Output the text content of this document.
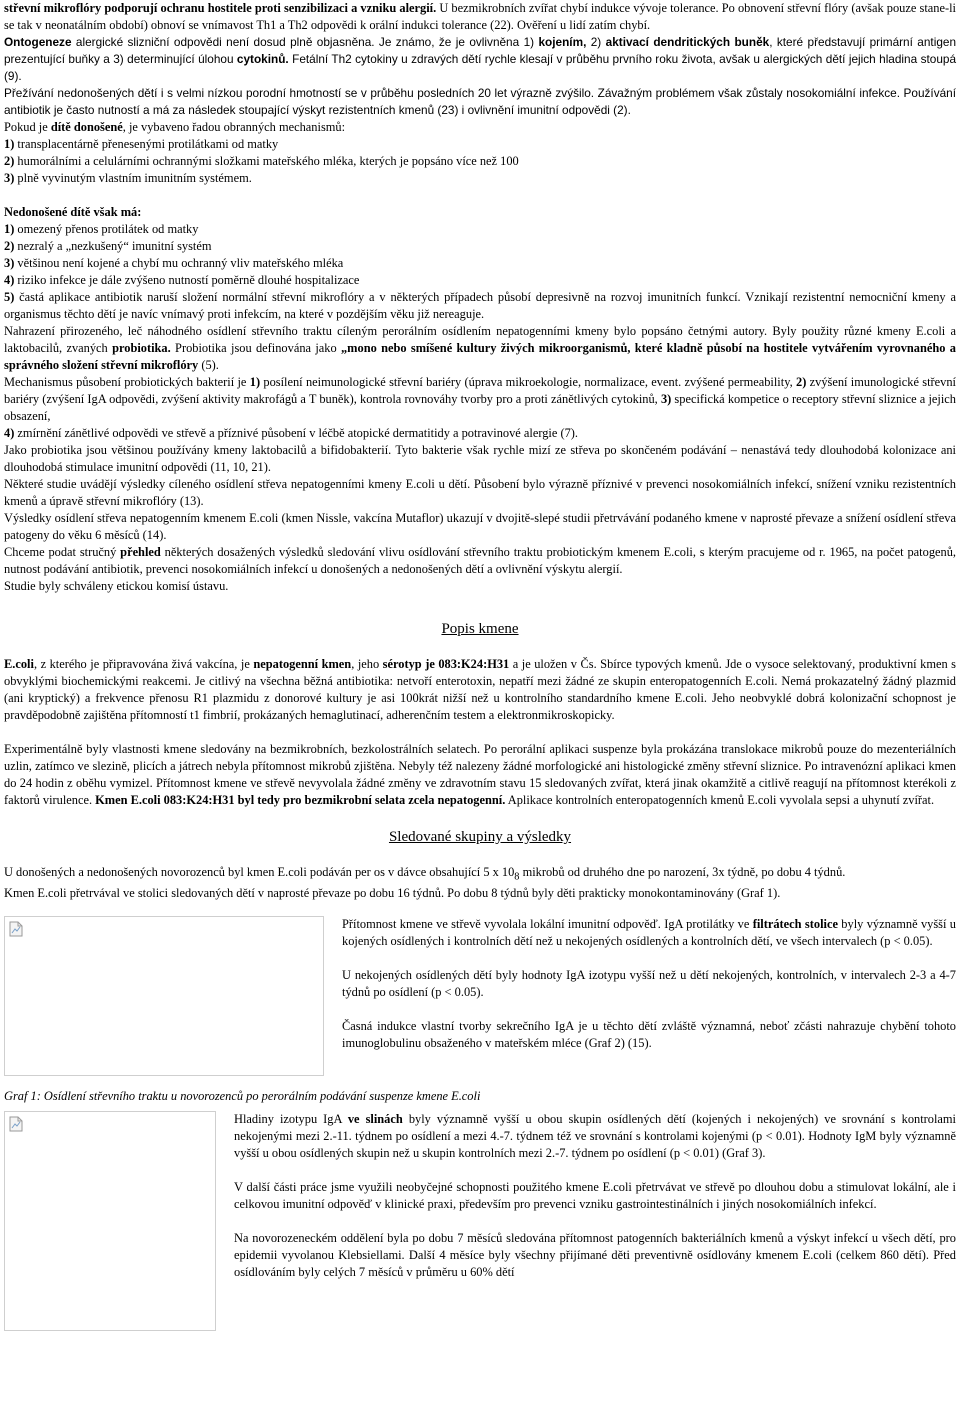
střevní mikroflóry podporují ochranu hostitele proti senzibilizaci a vzniku alergií. U bezmikrobních zvířat chybí indukce vývoje tolerance. Po obnovení střevní flóry (avšak pouze stane-li se tak v neonatálním období) obnoví se vnímavost Th1 a Th2 odpovědi k orální indukci tolerance (22). Ověření u lidí zatím chybí.

Ontogeneze alergické slizniční odpovědi není dosud plně objasněna. Je známo, že je ovlivněna 1) kojením, 2) aktivací dendritických buněk, které představují primární antigen prezentující buňky a 3) determinující úlohou cytokinů. Fetální Th2 cytokiny u zdravých dětí rychle klesají v průběhu prvního roku života, avšak u alergických dětí jejich hladina stoupá (9).

Přežívání nedonošených dětí i s velmi nízkou porodní hmotností se v průběhu posledních 20 let výrazně zvýšilo. Závažným problémem však zůstaly nosokomiální infekce. Používání antibiotik je často nutností a má za následek stoupající výskyt rezistentních kmenů (23) i ovlivnění imunitní odpovědi (2).

Pokud je dítě donošené, je vybaveno řadou obranných mechanismů:

1) transplacentárně přenesenými protilátkami od matky

2) humorálními a celulárními ochrannými složkami mateřského mléka, kterých je popsáno více než 100

3) plně vyvinutým vlastním imunitním systémem.

Nedonošené dítě však má:

1) omezený přenos protilátek od matky

2) nezralý a „nezkušený“ imunitní systém

3) většinou není kojené a chybí mu ochranný vliv mateřského mléka

4) riziko infekce je dále zvýšeno nutností poměrně dlouhé hospitalizace

5) častá aplikace antibiotik naruší složení normální střevní mikroflóry a v některých případech působí depresivně na rozvoj imunitních funkcí. Vznikají rezistentní nemocniční kmeny a organismus těchto dětí je navíc vnímavý proti infekcím, na které v pozdějším věku již nereaguje.

Nahrazení přirozeného, leč náhodného osídlení střevního traktu cíleným perorálním osídlením nepatogenními kmeny bylo popsáno četnými autory. Byly použity různé kmeny E.coli a laktobacilů, zvaných probiotika. Probiotika jsou definována jako „mono nebo smíšené kultury živých mikroorganismů, které kladně působí na hostitele vytvářením vyrovnaného a správného složení střevní mikroflóry (5).

Mechanismus působení probiotických bakterií je 1) posílení neimunologické střevní bariéry (úprava mikroekologie, normalizace, event. zvýšené permeability, 2) zvýšení imunologické střevní bariéry (zvýšení IgA odpovědi, zvýšení aktivity makrofágů a T buněk), kontrola rovnováhy tvorby pro a proti zánětlivých cytokinů, 3) specifická kompetice o receptory střevní sliznice a jejich obsazení,

4) zmírnění zánětlivé odpovědi ve střevě a příznivé působení v léčbě atopické dermatitidy a potravinové alergie (7).

Jako probiotika jsou většinou používány kmeny laktobacilů a bifidobakterií. Tyto bakterie však rychle mizí ze střeva po skončeném podávání – nenastává tedy dlouhodobá kolonizace ani dlouhodobá stimulace imunitní odpovědi (11, 10, 21).

Některé studie uvádějí výsledky cíleného osídlení střeva nepatogenními kmeny E.coli u dětí. Působení bylo výrazně příznivé v prevenci nosokomiálních infekcí, snížení vzniku rezistentních kmenů a úpravě střevní mikroflóry (13).

Výsledky osídlení střeva nepatogenním kmenem E.coli (kmen Nissle, vakcína Mutaflor) ukazují v dvojitě-slepé studii přetrvávání podaného kmene v naprosté převaze a snížení osídlení střeva patogeny do věku 6 měsíců (14).

Chceme podat stručný přehled některých dosažených výsledků sledování vlivu osídlování střevního traktu probiotickým kmenem E.coli, s kterým pracujeme od r. 1965, na počet patogenů, nutnost podávání antibiotik, prevenci nosokomiálních infekcí u donošených a nedonošených dětí a ovlivnění výskytu alergií.

Studie byly schváleny etickou komisí ústavu.

Popis kmene

E.coli, z kterého je připravována živá vakcína, je nepatogenní kmen, jeho sérotyp je 083:K24:H31 a je uložen v Čs. Sbírce typových kmenů. Jde o vysoce selektovaný, produktivní kmen s obvyklými biochemickými reakcemi. Je citlivý na všechna běžná antibiotika: netvoří enterotoxin, nepatří mezi žádné ze skupin enteropatogenních E.coli. Nemá prokazatelný žádný plazmid (ani kryptický) a frekvence přenosu R1 plazmidu z donorové kultury je asi 100krát nižší než u kontrolního standardního kmene E.coli. Jeho neobvyklé dobrá kolonizační schopnost je pravděpodobně zajištěna přítomností t1 fimbrií, prokázaných hemaglutinací, adherenčním testem a elektronmikroskopicky.

Experimentálně byly vlastnosti kmene sledovány na bezmikrobních, bezkolostrálních selatech. Po perorální aplikaci suspenze byla prokázána translokace mikrobů pouze do mezenteriálních uzlin, zatímco ve slezině, plicích a játrech nebyla přítomnost mikrobů zjištěna. Nebyly též nalezeny žádné morfologické ani histologické změny střevní sliznice. Po intravenózní aplikaci kmen do 24 hodin z oběhu vymizel. Přítomnost kmene ve střevě nevyvolala žádné změny ve zdravotním stavu 15 sledovaných zvířat, která jinak okamžitě a citlivě reagují na přítomnost kterékoli z faktorů virulence. Kmen E.coli 083:K24:H31 byl tedy pro bezmikrobní selata zcela nepatogenní. Aplikace kontrolních enteropatogenních kmenů E.coli vyvolala sepsi a uhynutí zvířat.

Sledované skupiny a výsledky

U donošených a nedonošených novorozenců byl kmen E.coli podáván per os v dávce obsahující 5 x $10_8$ mikrobů od druhého dne po narození, 3x týdně, po dobu 4 týdnů.

Kmen E.coli přetrvával ve stolici sledovaných dětí v naprosté převaze po dobu 16 týdnů. Po dobu 8 týdnů byly děti prakticky monokontaminovány (Graf 1).

Přítomnost kmene ve střevě vyvolala lokální imunitní odpověď. IgA protilátky ve filtrátech stolice byly významně vyšší u kojených osídlených i kontrolních dětí než u nekojených osídlených a kontrolních dětí, ve všech intervalech (p < 0.05).

U nekojených osídlených dětí byly hodnoty IgA izotypu vyšší než u dětí nekojených, kontrolních, v intervalech 2-3 a 4-7 týdnů po osídlení (p < 0.05).

Časná indukce vlastní tvorby sekrečního IgA je u těchto dětí zvláště významná, neboť zčásti nahrazuje chybění tohoto imunoglobulinu obsaženého v mateřském mléce (Graf 2) (15).

Graf 1: Osídlení střevního traktu u novorozenců po perorálním podávání suspenze kmene E.coli

Hladiny izotypu IgA ve slinách byly významně vyšší u obou skupin osídlených dětí (kojených i nekojených) ve srovnání s kontrolami nekojenými mezi 2.-11. týdnem po osídlení a mezi 4.-7. týdnem též ve srovnání s kontrolami kojenými (p < 0.01). Hodnoty IgM byly významně vyšší u obou osídlených skupin než u skupin kontrolních mezi 2.-7. týdnem po osídlení (p < 0.01) (Graf 3).

V další části práce jsme využili neobyčejné schopnosti použitého kmene E.coli přetrvávat ve střevě po dlouhou dobu a stimulovat lokální, ale i celkovou imunitní odpověď v klinické praxi, především pro prevenci vzniku gastrointestinálních i jiných nosokomiálních infekcí.

Na novorozeneckém oddělení byla po dobu 7 měsíců sledována přítomnost patogenních bakteriálních kmenů a výskyt infekcí u všech dětí, pro epidemii vyvolanou Klebsiellami. Další 4 měsíce byly všechny přijímané děti preventivně osídlovány kmenem E.coli (celkem 860 dětí). Před osídlováním byly celých 7 měsíců v průměru u 60% dětí
